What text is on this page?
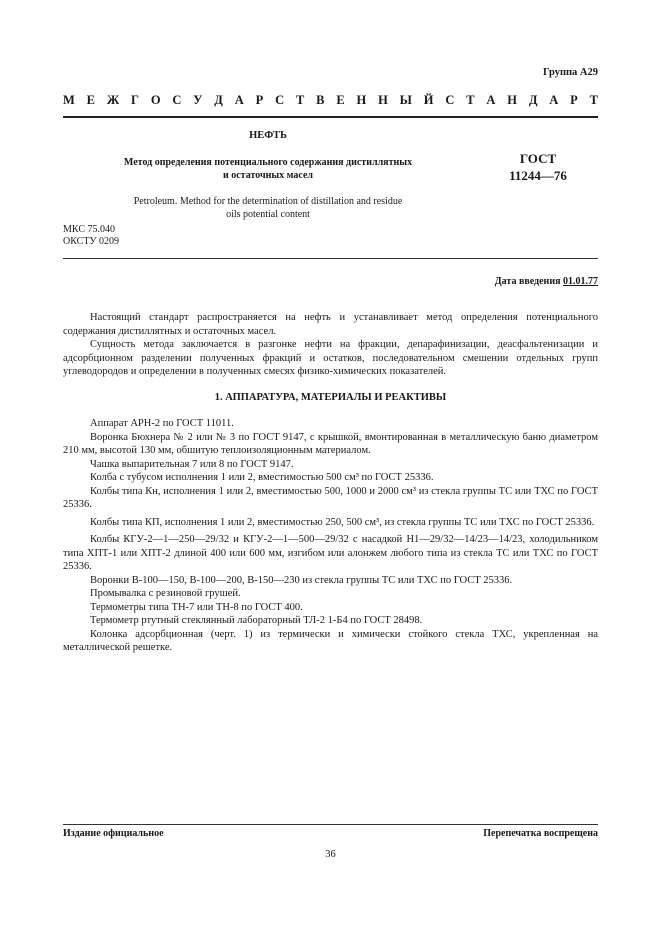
Группа А29
М Е Ж Г О С У Д А Р С Т В Е Н Н Ы Й С Т А Н Д А Р Т
НЕФТЬ
Метод определения потенциального содержания дистиллятных
и остаточных масел
Petroleum. Method for the determination of distillation and residue
oils potential content
ГОСТ
11244—76
МКС 75.040
ОКСТУ 0209
Дата введения 01.01.77

Настоящий стандарт распространяется на нефть и устанавливает метод определения потенциального содержания дистиллятных и остаточных масел.

Сущность метода заключается в разгонке нефти на фракции, депарафинизации, деасфальтенизации и адсорбционном разделении полученных фракций и остатков, последовательном смешении отдельных групп углеводородов и определении в полученных смесях физико-химических показателей.

1. АППАРАТУРА, МАТЕРИАЛЫ И РЕАКТИВЫ

Аппарат АРН-2 по ГОСТ 11011.

Воронка Бюхнера № 2 или № 3 по ГОСТ 9147, с крышкой, вмонтированная в металлическую баню диаметром 210 мм, высотой 130 мм, обшитую теплоизоляционным материалом.

Чашка выпарительная 7 или 8 по ГОСТ 9147.

Колба с тубусом исполнения 1 или 2, вместимостью 500 см³ по ГОСТ 25336.

Колбы типа Кн, исполнения 1 или 2, вместимостью 500, 1000 и 2000 см³ из стекла группы ТС или ТХС по ГОСТ 25336.

Колбы типа КП, исполнения 1 или 2, вместимостью 250, 500 см³, из стекла группы ТС или ТХС по ГОСТ 25336.

Колбы КГУ-2—1—250—29/32 и КГУ-2—1—500—29/32 с насадкой Н1—29/32—14/23—14/23, холодильником типа ХПТ-1 или ХПТ-2 длиной 400 или 600 мм, изгибом или алонжем любого типа из стекла ТС или ТХС по ГОСТ 25336.

Воронки В-100—150, В-100—200, В-150—230 из стекла группы ТС или ТХС по ГОСТ 25336.

Промывалка с резиновой грушей.

Термометры типа ТН-7 или ТН-8 по ГОСТ 400.

Термометр ртутный стеклянный лабораторный ТЛ-2 1-Б4 по ГОСТ 28498.

Колонка адсорбционная (черт. 1) из термически и химически стойкого стекла ТХС, укрепленная на металлической решетке.

Издание официальное	Перепечатка воспрещена
36
